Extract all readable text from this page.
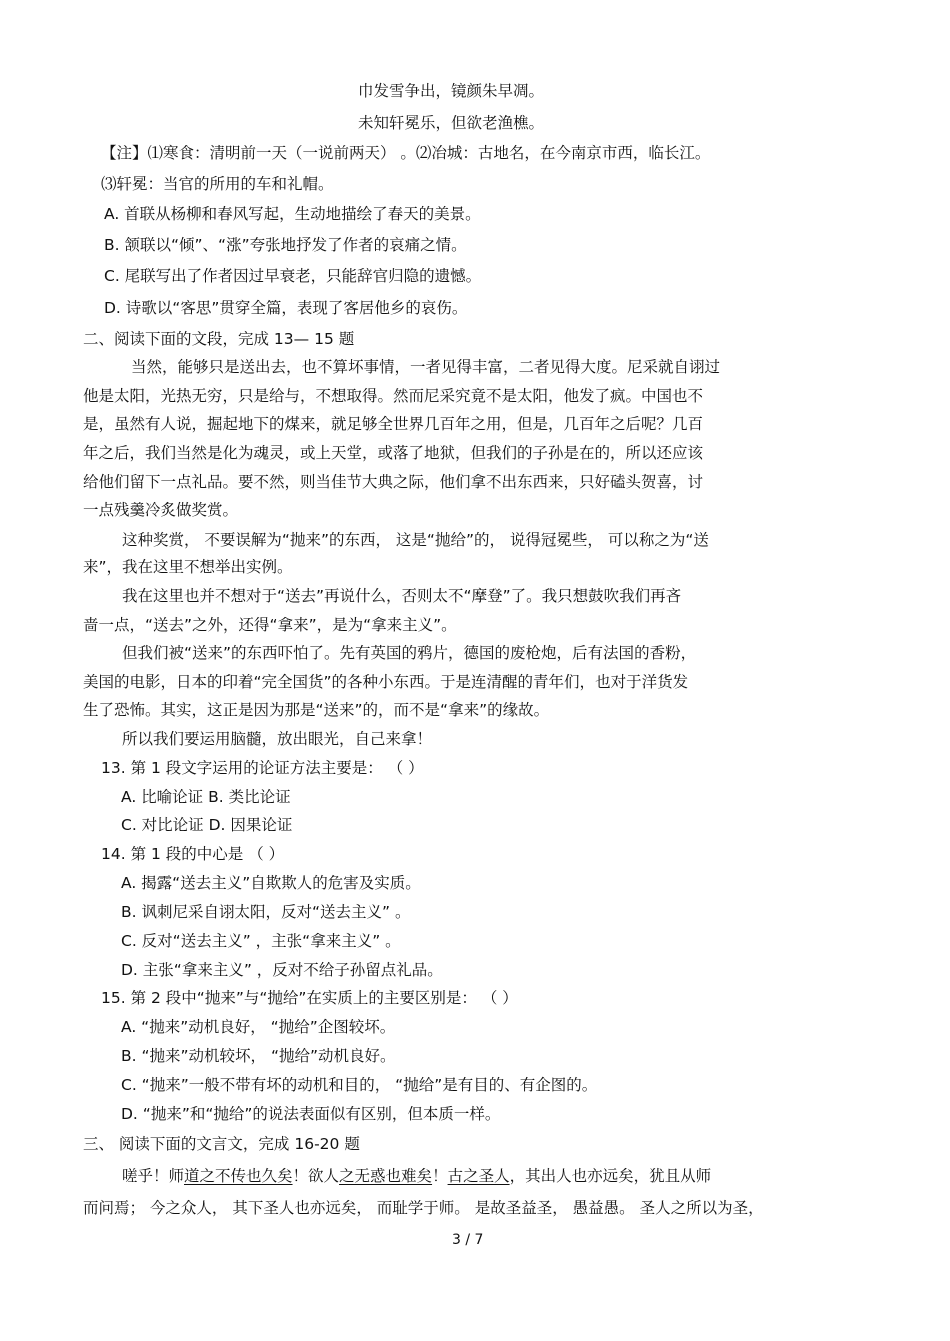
巾发雪争出，镜颜朱早凋。
未知轩冕乐，但欲老渔樵。
【注】⑴寒食：清明前一天（一说前两天） 。⑵冶城：古地名，在今南京市西，临长江。
⑶轩冕：当官的所用的车和礼帽。
A. 首联从杨柳和春风写起，生动地描绘了春天的美景。
B. 颔联以“倾”、“涨”夸张地抒发了作者的哀痛之情。
C. 尾联写出了作者因过早衰老，只能辞官归隐的遗憾。
D. 诗歌以“客思”贯穿全篇，表现了客居他乡的哀伤。
二、阅读下面的文段，完成 13— 15 题
当然，能够只是送出去，也不算坏事情，一者见得丰富，二者见得大度。尼采就自诩过
他是太阳，光热无穷，只是给与，不想取得。然而尼采究竟不是太阳，他发了疯。中国也不
是，虽然有人说，掘起地下的煤来，就足够全世界几百年之用，但是，几百年之后呢？几百
年之后，我们当然是化为魂灵，或上天堂，或落了地狱，但我们的子孙是在的，所以还应该
给他们留下一点礼品。要不然，则当佳节大典之际，他们拿不出东西来，只好磕头贺喜，讨
一点残羹冷炙做奖赏。
这种奖赏， 不要误解为“抛来”的东西， 这是“抛给”的， 说得冠冕些， 可以称之为“送
来”，我在这里不想举出实例。
我在这里也并不想对于“送去”再说什么，否则太不“摩登”了。我只想鼓吹我们再吝
啬一点，“送去”之外，还得“拿来”，是为“拿来主义”。
但我们被“送来”的东西吓怕了。先有英国的鸦片，德国的废枪炮，后有法国的香粉，
美国的电影，日本的印着“完全国货”的各种小东西。于是连清醒的青年们，也对于洋货发
生了恐怖。其实，这正是因为那是“送来”的，而不是“拿来”的缘故。
所以我们要运用脑髓，放出眼光，自己来拿！
13. 第 1 段文字运用的论证方法主要是： （ ）
A. 比喻论证 B. 类比论证
C. 对比论证 D. 因果论证
14. 第 1 段的中心是 （ ）
A. 揭露“送去主义”自欺欺人的危害及实质。
B. 讽刺尼采自诩太阳，反对“送去主义” 。
C. 反对“送去主义” ，主张“拿来主义” 。
D. 主张“拿来主义” ，反对不给子孙留点礼品。
15. 第 2 段中“抛来”与“抛给”在实质上的主要区别是： （ ）
A. “抛来”动机良好， “抛给”企图较坏。
B. “抛来”动机较坏， “抛给”动机良好。
C. “抛来”一般不带有坏的动机和目的， “抛给”是有目的、有企图的。
D. “抛来”和“抛给”的说法表面似有区别，但本质一样。
三、 阅读下面的文言文，完成 16-20 题
嗟乎！师道之不传也久矣！欲人之无惑也难矣！古之圣人，其出人也亦远矣，犹且从师
而问焉； 今之众人， 其下圣人也亦远矣， 而耻学于师。 是故圣益圣， 愚益愚。 圣人之所以为圣，
3 / 7
